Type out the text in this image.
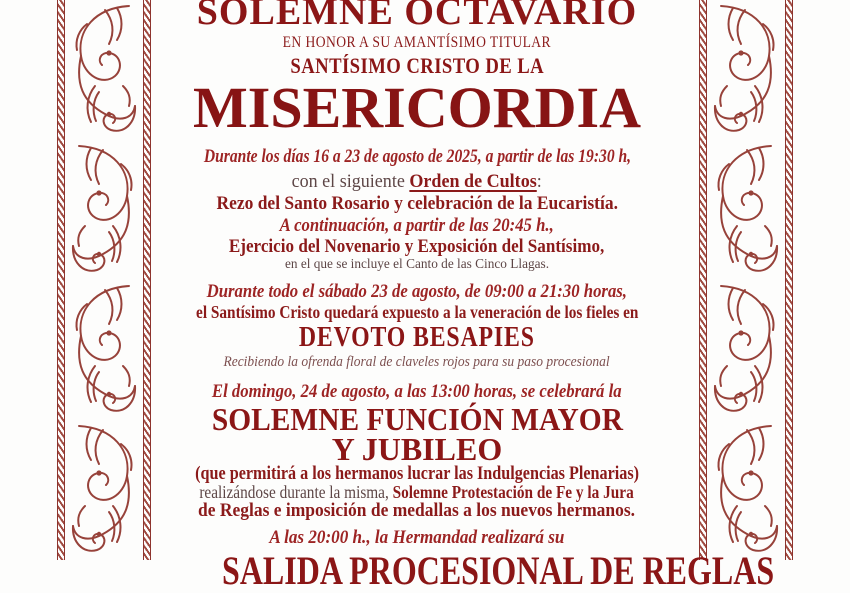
SOLEMNE OCTAVARIO
EN HONOR A SU AMANTÍSIMO TITULAR
SANTÍSIMO CRISTO DE LA
MISERICORDIA
Durante los días 16 a 23 de agosto de 2025, a partir de las 19:30 h,
con el siguiente Orden de Cultos:
Rezo del Santo Rosario y celebración de la Eucaristía.
A continuación, a partir de las 20:45 h.,
Ejercicio del Novenario y Exposición del Santísimo,
en el que se incluye el Canto de las Cinco Llagas.
Durante todo el sábado 23 de agosto, de 09:00 a 21:30 horas,
el Santísimo Cristo quedará expuesto a la veneración de los fieles en
DEVOTO BESAPIES
Recibiendo la ofrenda floral de claveles rojos para su paso procesional
El domingo, 24 de agosto, a las 13:00 horas, se celebrará la
SOLEMNE FUNCIÓN MAYOR
Y JUBILEO
(que permitirá a los hermanos lucrar las Indulgencias Plenarias)
realizándose durante la misma, Solemne Protestación de Fe y la Jura
de Reglas e imposición de medallas a los nuevos hermanos.
A las 20:00 h., la Hermandad realizará su
SALIDA PROCESIONAL DE REGLAS
